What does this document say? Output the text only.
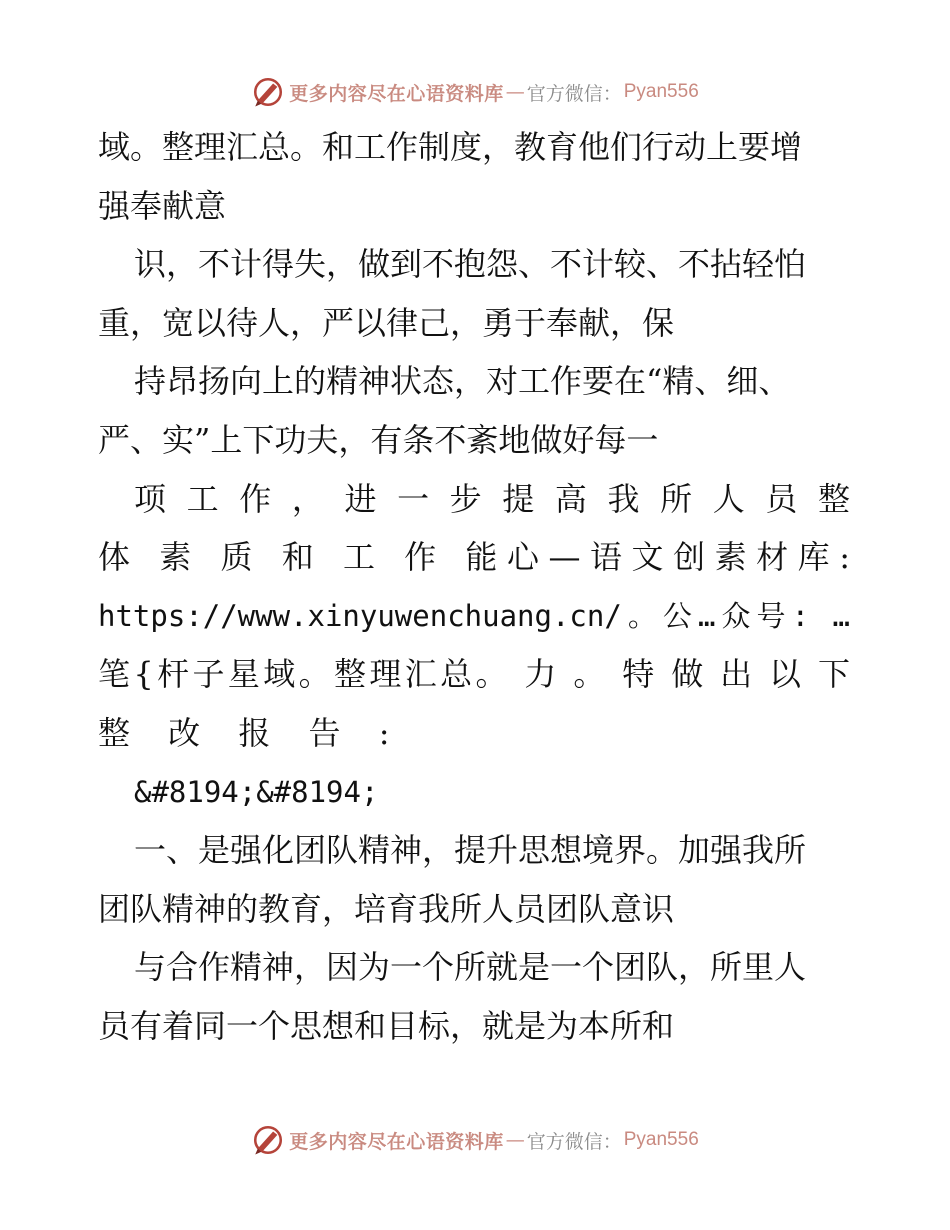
更多内容尽在心语资料库 — 官方微信： Pyan556
域。整理汇总。和工作制度，教育他们行动上要增
强奉献意
识，不计得失，做到不抱怨、不计较、不拈轻怕
重，宽以待人，严以律己，勇于奉献，保
持昂扬向上的精神状态，对工作要在“精、细、
严、实”上下功夫，有条不紊地做好每一
项 工 作 ， 进 一 步 提 高 我 所 人 员 整
体 素 质 和 工 作 能心—语文创素材库:
https://www.xinyuwenchuang.cn/。公…众号: …
笔{杆子星域。整理汇总。 力 。 特 做 出 以 下
整 改 报 告 :
&#8194;&#8194;
一、是强化团队精神，提升思想境界。加强我所
团队精神的教育，培育我所人员团队意识
与合作精神，因为一个所就是一个团队，所里人
员有着同一个思想和目标，就是为本所和
更多内容尽在心语资料库 — 官方微信： Pyan556
